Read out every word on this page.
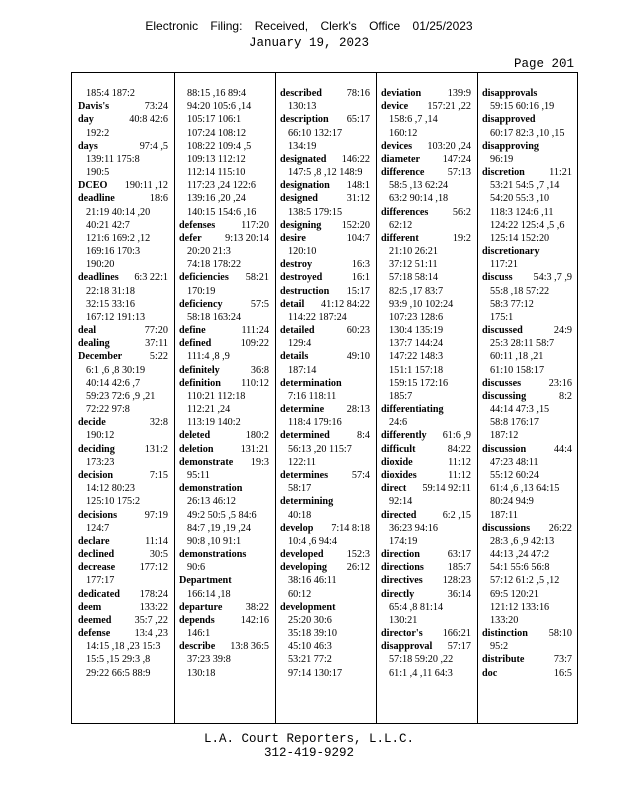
Electronic Filing: Received, Clerk's Office 01/25/2023
January 19, 2023
Page 201
185:4 187:2
Davis's	73:24
day	40:8 42:6
192:2
days	97:4 ,5
139:11 175:8
190:5
DCEO 190:11 ,12
deadline	18:6
21:19 40:14 ,20
40:21 42:7
121:6 169:2 ,12
169:16 170:3
190:20
deadlines 6:3 22:1
22:18 31:18
32:15 33:16
167:12 191:13
deal	77:20
dealing	37:11
December	5:22
6:1 ,6 ,8 30:19
40:14 42:6 ,7
59:23 72:6 ,9 ,21
72:22 97:8
decide	32:8
190:12
deciding	131:2
173:23
decision	7:15
14:12 80:23
125:10 175:2
decisions	97:19
124:7
declare	11:14
declined	30:5
decrease 177:12
177:17
dedicated 178:24
deem	133:22
deemed 35:7 ,22
defense 13:4 ,23
14:15 ,18 ,23 15:3
15:5 ,15 29:3 ,8
29:22 66:5 88:9
88:15 ,16 89:4
94:20 105:6 ,14
105:17 106:1
107:24 108:12
108:22 109:4 ,5
109:13 112:12
112:14 115:10
117:23 ,24 122:6
139:16 ,20 ,24
140:15 154:6 ,16
defenses	117:20
defer 9:13 20:14
20:20 21:3
74:18 178:22
deficiencies 58:21
170:19
deficiency	57:5
58:18 163:24
define	111:24
defined	109:22
111:4 ,8 ,9
definitely	36:8
definition 110:12
110:21 112:18
112:21 ,24
113:19 140:2
deleted	180:2
deletion	131:21
demonstrate 19:3
95:11
demonstration
26:13 46:12
49:2 50:5 ,5 84:6
84:7 ,19 ,19 ,24
90:8 ,10 91:1
demonstrations
90:6
Department
166:14 ,18
departure 38:22
depends	142:16
146:1
describe 13:8 36:5
37:23 39:8
130:18
described 78:16
130:13
description 65:17
66:10 132:17
134:19
designated 146:22
147:5 ,8 ,12 148:9
designation 148:1
designed	31:12
138:5 179:15
designing 152:20
desire	104:7
120:10
destroy	16:3
destroyed	16:1
destruction 15:17
detail 41:12 84:22
114:22 187:24
detailed	60:23
129:4
details	49:10
187:14
determination
7:16 118:11
determine 28:13
118:4 179:16
determined	8:4
56:13 ,20 115:7
122:11
determines 57:4
58:17
determining
40:18
develop 7:14 8:18
10:4 ,6 94:4
developed 152:3
developing 26:12
38:16 46:11
60:12
development
25:20 30:6
35:18 39:10
45:10 46:3
53:21 77:2
97:14 130:17
deviation	139:9
device 157:21 ,22
158:6 ,7 ,14
160:12
devices 103:20 ,24
diameter 147:24
difference 57:13
58:5 ,13 62:24
63:2 90:14 ,18
differences 56:2
62:12
different	19:2
21:10 26:21
37:12 51:11
57:18 58:14
82:5 ,17 83:7
93:9 ,10 102:24
107:23 128:6
130:4 135:19
137:7 144:24
147:22 148:3
151:1 157:18
159:15 172:16
185:7
differentiating
24:6
differently 61:6 ,9
difficult	84:22
dioxide	11:12
dioxides	11:12
direct 59:14 92:11
92:14
directed	6:2 ,15
36:23 94:16
174:19
direction	63:17
directions 185:7
directives 128:23
directly	36:14
65:4 ,8 81:14
130:21
director's 166:21
disapproval 57:17
57:18 59:20 ,22
61:1 ,4 ,11 64:3
disapprovals
59:15 60:16 ,19
disapproved
60:17 82:3 ,10 ,15
disapproving
96:19
discretion 11:21
53:21 54:5 ,7 ,14
54:20 55:3 ,10
118:3 124:6 ,11
124:22 125:4 ,5 ,6
125:14 152:20
discretionary
117:21
discuss 54:3 ,7 ,9
55:8 ,18 57:22
58:3 77:12
175:1
discussed	24:9
25:3 28:11 58:7
60:11 ,18 ,21
61:10 158:17
discusses	23:16
discussing	8:2
44:14 47:3 ,15
58:8 176:17
187:12
discussion	44:4
47:23 48:11
55:12 60:24
61:4 ,6 ,13 64:15
80:24 94:9
187:11
discussions 26:22
28:3 ,6 ,9 42:13
44:13 ,24 47:2
54:1 55:6 56:8
57:12 61:2 ,5 ,12
69:5 120:21
121:12 133:16
133:20
distinction 58:10
95:2
distribute	73:7
doc	16:5
L.A. Court Reporters, L.L.C.
312-419-9292
